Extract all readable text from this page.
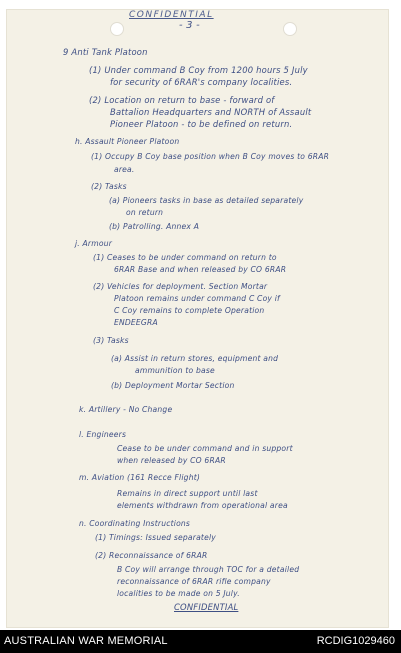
CONFIDENTIAL
- 3 -
9 Anti Tank Platoon
(1) Under command B Coy from 1200 hours 5 July
for security of 6RAR's company localities.
(2) Location on return to base - forward of
Battalion Headquarters and NORTH of Assault
Pioneer Platoon - to be defined on return.
h. Assault Pioneer Platoon
(1) Occupy B Coy base position when B Coy moves to 6RAR
area.
(2) Tasks
(a) Pioneers tasks in base as detailed separately
on return
(b) Patrolling. Annex A
j. Armour
(1) Ceases to be under command on return to
6RAR Base and when released by CO 6RAR
(2) Vehicles for deployment. Section Mortar
Platoon remains under command C Coy if
C Coy remains to complete Operation
ENDEEGRA
(3) Tasks
(a) Assist in return stores, equipment and
ammunition to base
(b) Deployment Mortar Section
k. Artillery - No Change
l. Engineers
Cease to be under command and in support
when released by CO 6RAR
m. Aviation (161 Recce Flight)
Remains in direct support until last
elements withdrawn from operational area
n. Coordinating Instructions
(1) Timings: Issued separately
(2) Reconnaissance of 6RAR
B Coy will arrange through TOC for a detailed
reconnaissance of 6RAR rifle company
localities to be made on 5 July.
CONFIDENTIAL
AUSTRALIAN WAR MEMORIAL	RCDIG1029460
